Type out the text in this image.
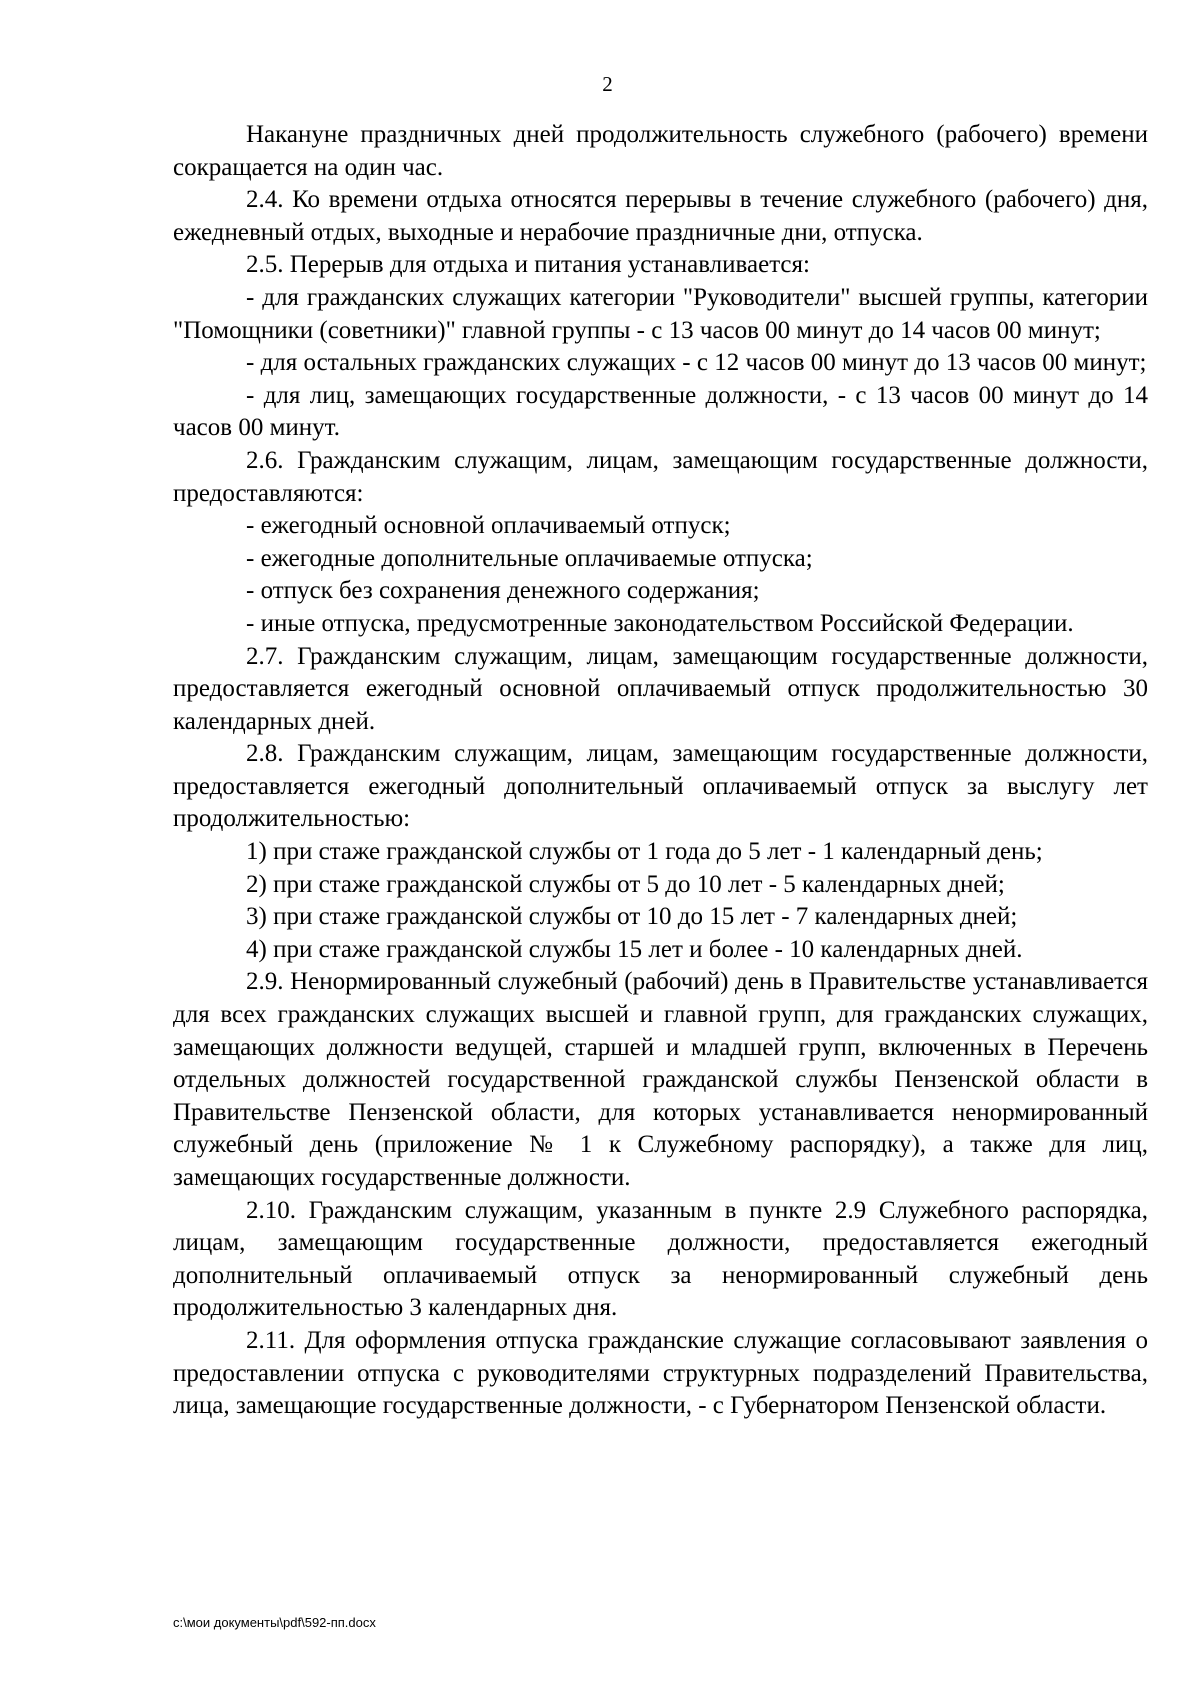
2

Накануне праздничных дней продолжительность служебного (рабочего) времени сокращается на один час.

2.4. Ко времени отдыха относятся перерывы в течение служебного (рабочего) дня, ежедневный отдых, выходные и нерабочие праздничные дни, отпуска.

2.5. Перерыв для отдыха и питания устанавливается:

- для гражданских служащих категории "Руководители" высшей группы, категории "Помощники (советники)" главной группы - с 13 часов 00 минут до 14 часов 00 минут;

- для остальных гражданских служащих - с 12 часов 00 минут до 13 часов 00 минут;

- для лиц, замещающих государственные должности, - с 13 часов 00 минут до 14 часов 00 минут.

2.6. Гражданским служащим, лицам, замещающим государственные должности, предоставляются:

- ежегодный основной оплачиваемый отпуск;

- ежегодные дополнительные оплачиваемые отпуска;

- отпуск без сохранения денежного содержания;

- иные отпуска, предусмотренные законодательством Российской Федерации.

2.7. Гражданским служащим, лицам, замещающим государственные должности, предоставляется ежегодный основной оплачиваемый отпуск продолжительностью 30 календарных дней.

2.8. Гражданским служащим, лицам, замещающим государственные должности, предоставляется ежегодный дополнительный оплачиваемый отпуск за выслугу лет продолжительностью:

1) при стаже гражданской службы от 1 года до 5 лет - 1 календарный день;

2) при стаже гражданской службы от 5 до 10 лет - 5 календарных дней;

3) при стаже гражданской службы от 10 до 15 лет - 7 календарных дней;

4) при стаже гражданской службы 15 лет и более - 10 календарных дней.

2.9. Ненормированный служебный (рабочий) день в Правительстве устанавливается для всех гражданских служащих высшей и главной групп, для гражданских служащих, замещающих должности ведущей, старшей и младшей групп, включенных в Перечень отдельных должностей государственной гражданской службы Пензенской области в Правительстве Пензенской области, для которых устанавливается ненормированный служебный день (приложение № 1 к Служебному распорядку), а также для лиц, замещающих государственные должности.

2.10. Гражданским служащим, указанным в пункте 2.9 Служебного распорядка, лицам, замещающим государственные должности, предоставляется ежегодный дополнительный оплачиваемый отпуск за ненормированный служебный день продолжительностью 3 календарных дня.

2.11. Для оформления отпуска гражданские служащие согласовывают заявления о предоставлении отпуска с руководителями структурных подразделений Правительства, лица, замещающие государственные должности, - с Губернатором Пензенской области.

c:\мои документы\pdf\592-пп.docx
